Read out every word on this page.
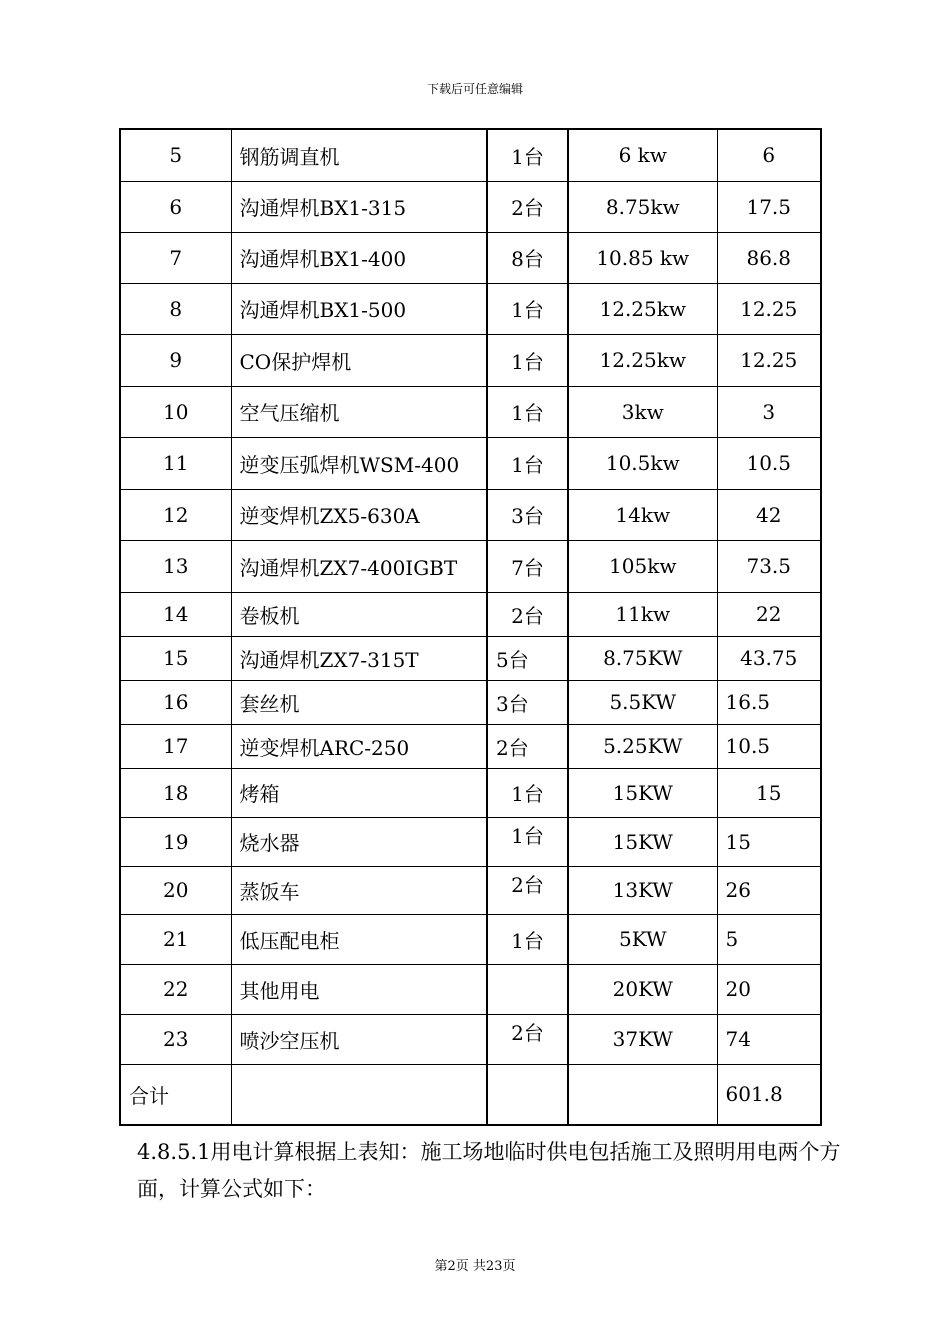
下载后可任意编辑
5	钢筋调直机	1台	6 kw	6
6	沟通焊机BX1-315	2台	8.75kw	17.5
7	沟通焊机BX1-400	8台	10.85 kw	86.8
8	沟通焊机BX1-500	1台	12.25kw	12.25
9	CO保护焊机	1台	12.25kw	12.25
10	空气压缩机	1台	3kw	3
11	逆变压弧焊机WSM-400	1台	10.5kw	10.5
12	逆变焊机ZX5-630A	3台	14kw	42
13	沟通焊机ZX7-400IGBT	7台	105kw	73.5
14	卷板机	2台	11kw	22
15	沟通焊机ZX7-315T	5台	8.75KW	43.75
16	套丝机	3台	5.5KW	16.5
17	逆变焊机ARC-250	2台	5.25KW	10.5
18	烤箱	1台	15KW	15
19	烧水器	1台	15KW	15
20	蒸饭车	2台	13KW	26
21	低压配电柜	1台	5KW	5
22	其他用电		20KW	20
23	喷沙空压机	2台	37KW	74
合计				601.8
4.8.5.1用电计算根据上表知：施工场地临时供电包括施工及照明用电两个方面，计算公式如下：
第2页 共23页
